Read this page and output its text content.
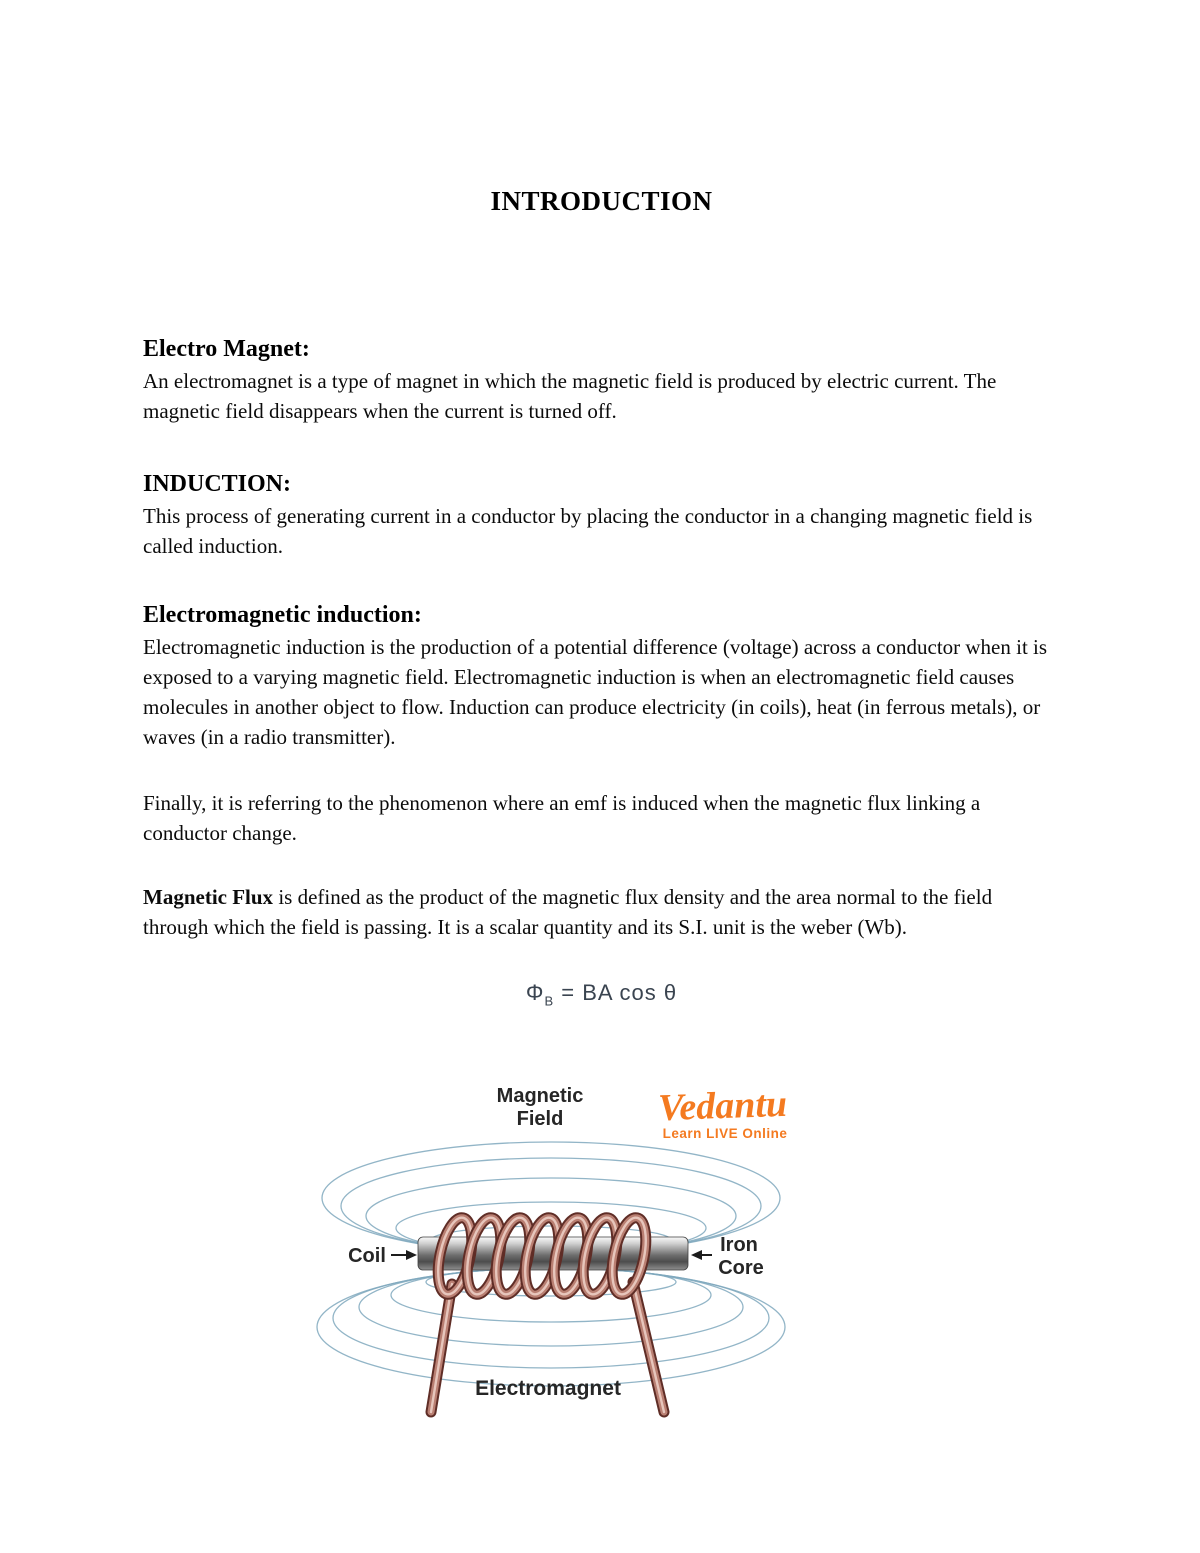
INTRODUCTION
Electro Magnet:

An electromagnet is a type of magnet in which the magnetic field is produced by electric current. The magnetic field disappears when the current is turned off.

INDUCTION:

This process of generating current in a conductor by placing the conductor in a changing magnetic field is called induction.

Electromagnetic induction:

Electromagnetic induction is the production of a potential difference (voltage) across a conductor when it is exposed to a varying magnetic field. Electromagnetic induction is when an electromagnetic field causes molecules in another object to flow. Induction can produce electricity (in coils), heat (in ferrous metals), or waves (in a radio transmitter).

Finally, it is referring to the phenomenon where an emf is induced when the magnetic flux linking a conductor change.

Magnetic Flux is defined as the product of the magnetic flux density and the area normal to the field through which the field is passing. It is a scalar quantity and its S.I. unit is the weber (Wb).

$\Phi_B$ = BA cos θ
Magnetic
Field
Coil	Iron
Core
Electromagnet
Vedantu
Learn LIVE Online
